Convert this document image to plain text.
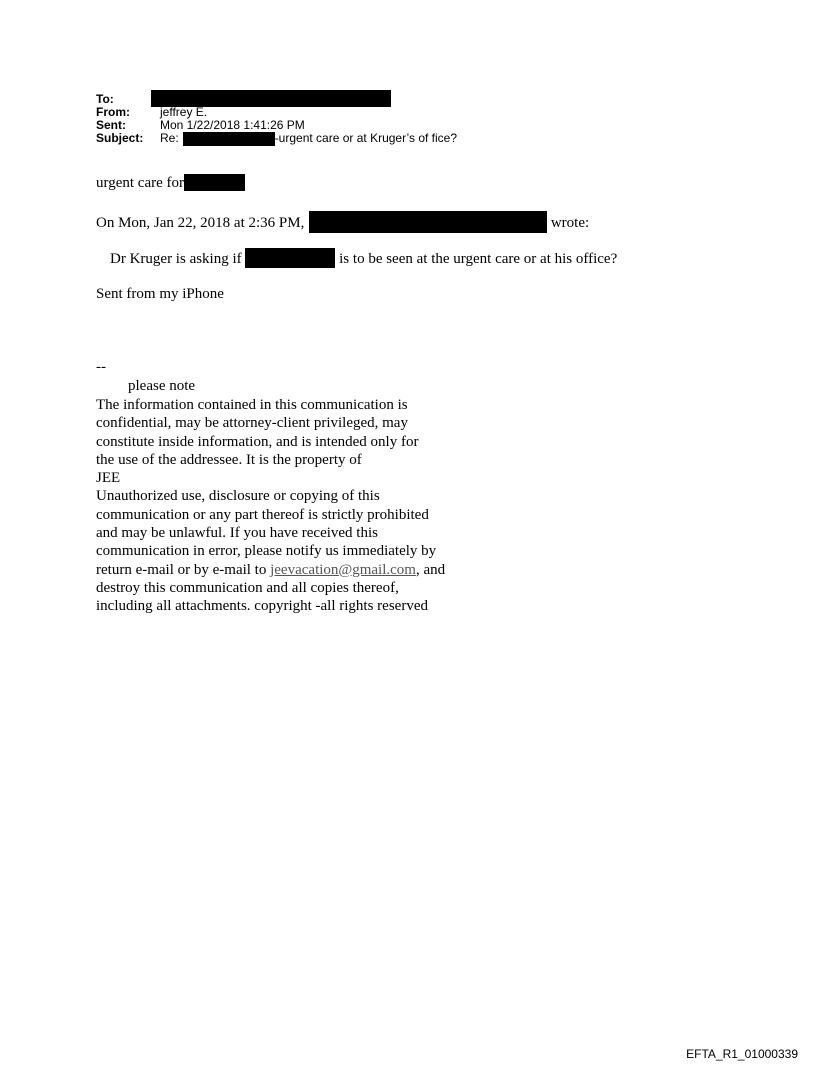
To:
From:	jeffrey E.
Sent:	Mon 1/22/2018 1:41:26 PM
Subject:	Re:	-urgent care or at Kruger’s of fice?
urgent care for
On Mon, Jan 22, 2018 at 2:36 PM,	wrote:
Dr Kruger is asking if	is to be seen at the urgent care or at his office?
Sent from my iPhone
--
please note
The information contained in this communication is
confidential, may be attorney-client privileged, may
constitute inside information, and is intended only for
the use of the addressee. It is the property of
JEE
Unauthorized use, disclosure or copying of this
communication or any part thereof is strictly prohibited
and may be unlawful. If you have received this
communication in error, please notify us immediately by
return e-mail or by e-mail to jeevacation@gmail.com, and
destroy this communication and all copies thereof,
including all attachments. copyright -all rights reserved
EFTA_R1_01000339
